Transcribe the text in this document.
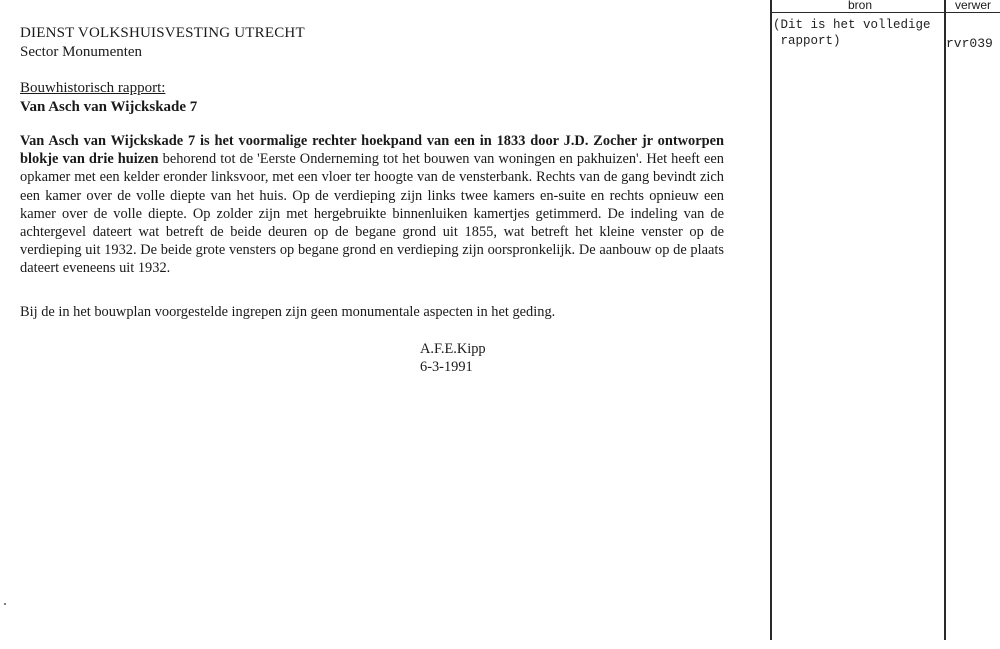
DIENST VOLKSHUISVESTING UTRECHT
Sector Monumenten
Bouwhistorisch rapport:
Van Asch van Wijckskade 7
Van Asch van Wijckskade 7 is het voormalige rechter hoekpand van een in 1833 door J.D. Zocher jr ontworpen blokje van drie huizen behorend tot de 'Eerste Onderneming tot het bouwen van woningen en pakhuizen'. Het heeft een opkamer met een kelder eronder linksvoor, met een vloer ter hoogte van de vensterbank. Rechts van de gang bevindt zich een kamer over de volle diepte van het huis. Op de verdieping zijn links twee kamers en-suite en rechts opnieuw een kamer over de volle diepte. Op zolder zijn met hergebruikte binnenluiken kamertjes getimmerd. De indeling van de achtergevel dateert wat betreft de beide deuren op de begane grond uit 1855, wat betreft het kleine venster op de verdieping uit 1932. De beide grote vensters op begane grond en verdieping zijn oorspronkelijk. De aanbouw op de plaats dateert eveneens uit 1932.
Bij de in het bouwplan voorgestelde ingrepen zijn geen monumentale aspecten in het geding.
A.F.E.Kipp
6-3-1991
bron	verwer
(Dit is het volledige
rapport)	rvr039
